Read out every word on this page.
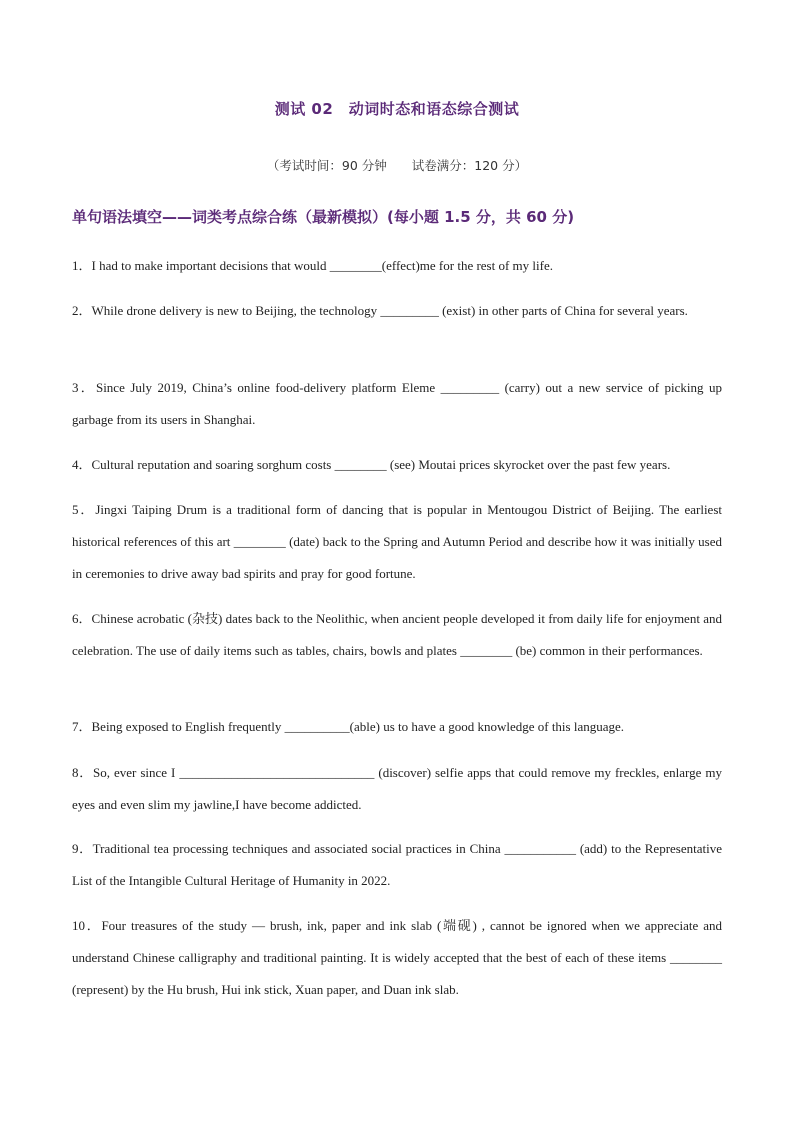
测试 02　动词时态和语态综合测试
（考试时间：90 分钟　　试卷满分：120 分）
单句语法填空——词类考点综合练（最新模拟）(每小题 1.5 分，共 60 分)
1．I had to make important decisions that would ________(effect)me for the rest of my life.
2．While drone delivery is new to Beijing, the technology _________ (exist) in other parts of China for several years.
3．Since July 2019, China’s online food-delivery platform Eleme _________ (carry) out a new service of picking up garbage from its users in Shanghai.
4．Cultural reputation and soaring sorghum costs ________ (see) Moutai prices skyrocket over the past few years.
5．Jingxi Taiping Drum is a traditional form of dancing that is popular in Mentougou District of Beijing. The earliest historical references of this art ________ (date) back to the Spring and Autumn Period and describe how it was initially used in ceremonies to drive away bad spirits and pray for good fortune.
6．Chinese acrobatic (杂技) dates back to the Neolithic, when ancient people developed it from daily life for enjoyment and celebration. The use of daily items such as tables, chairs, bowls and plates ________ (be) common in their performances.
7．Being exposed to English frequently __________(able) us to have a good knowledge of this language.
8．So, ever since I ______________________________ (discover) selfie apps that could remove my freckles, enlarge my eyes and even slim my jawline,I have become addicted.
9．Traditional tea processing techniques and associated social practices in China ___________ (add) to the Representative List of the Intangible Cultural Heritage of Humanity in 2022.
10．Four treasures of the study — brush, ink, paper and ink slab (端砚) , cannot be ignored when we appreciate and understand Chinese calligraphy and traditional painting. It is widely accepted that the best of each of these items ________ (represent) by the Hu brush, Hui ink stick, Xuan paper, and Duan ink slab.
